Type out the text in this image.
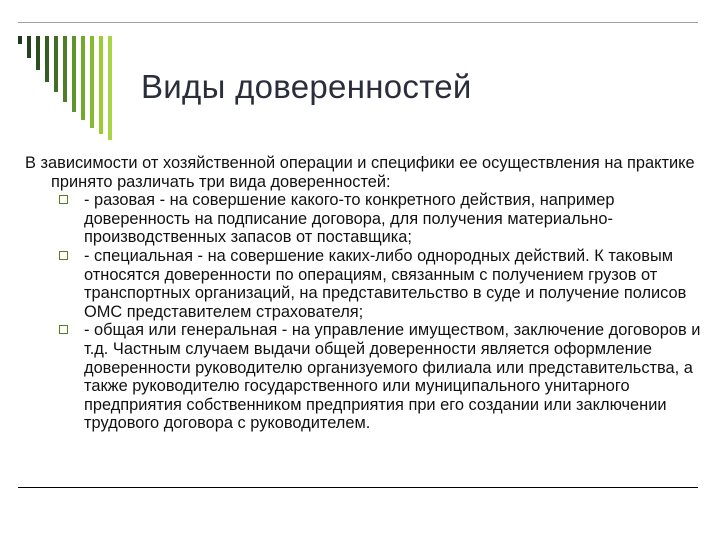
Виды доверенностей
В зависимости от хозяйственной операции и специфики ее осуществления на практике принято различать три вида доверенностей:
- разовая - на совершение какого-то конкретного действия, например доверенность на подписание договора, для получения материально-производственных запасов от поставщика;
- специальная - на совершение каких-либо однородных действий. К таковым относятся доверенности по операциям, связанным с получением грузов от транспортных организаций, на представительство в суде и получение полисов ОМС представителем страхователя;
- общая или генеральная - на управление имуществом, заключение договоров и т.д. Частным случаем выдачи общей доверенности является оформление доверенности руководителю организуемого филиала или представительства, а также руководителю государственного или муниципального унитарного предприятия собственником предприятия при его создании или заключении трудового договора с руководителем.
